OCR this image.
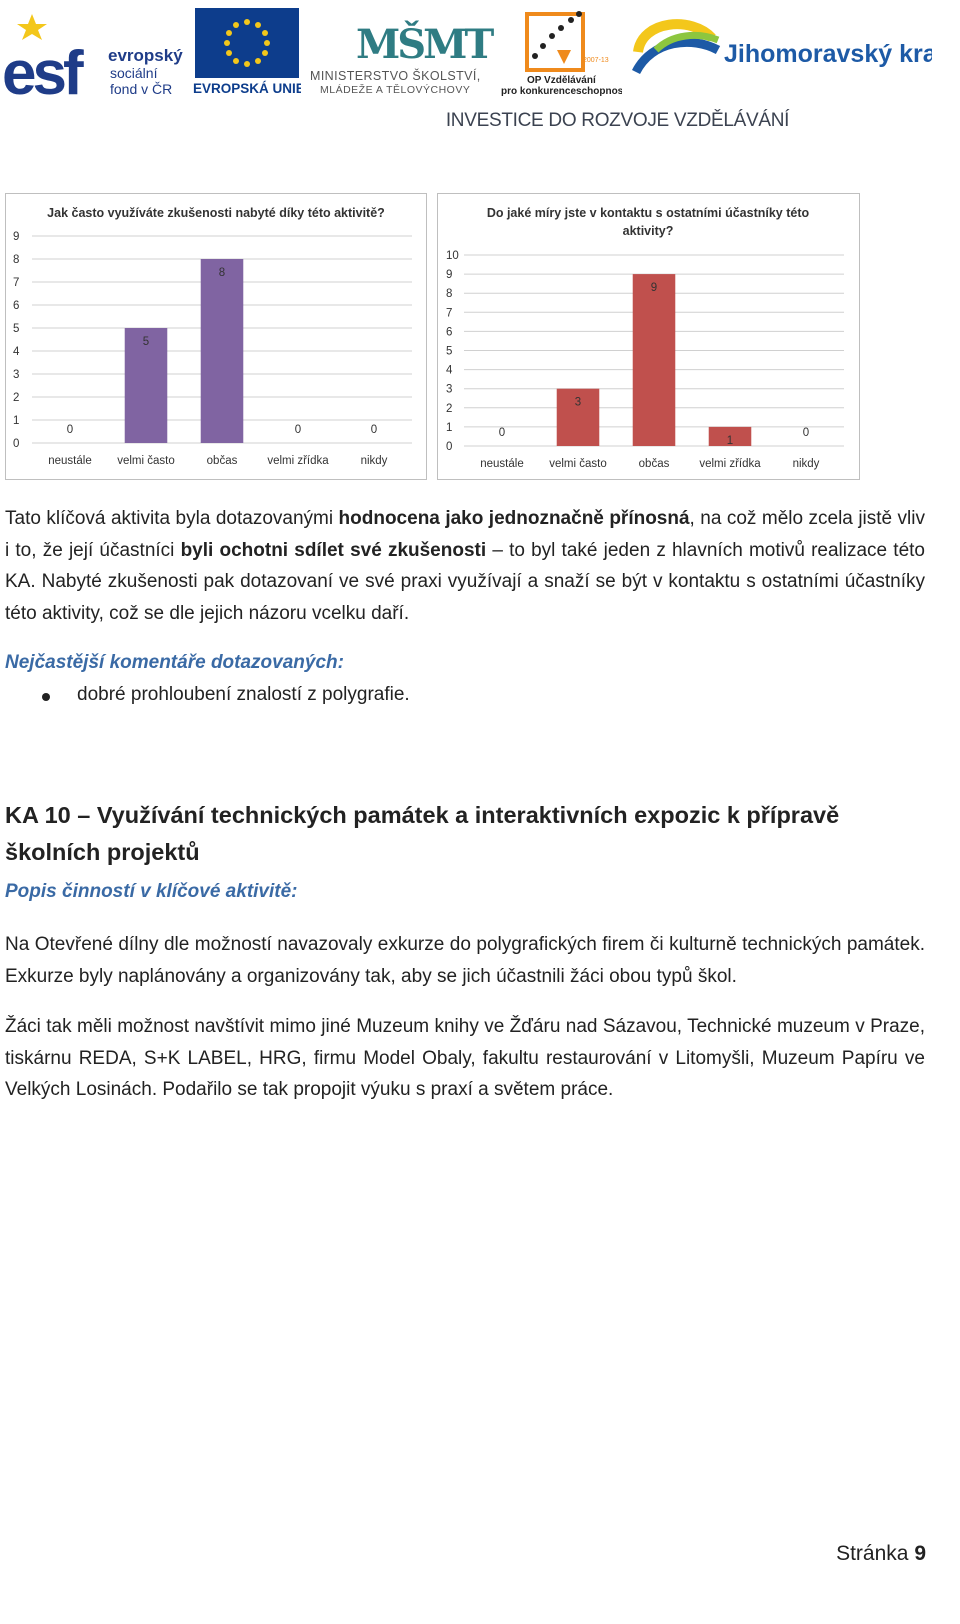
esf evropský
sociální
fond v ČR EVROPSKÁ UNIE
MŠMT
MINISTERSTVO ŠKOLSTVÍ,
MLÁDEŽE A TĚLOVÝCHOVY
2007-13
OP Vzdělávání
pro konkurenceschopnost
Jihomoravský kraj
INVESTICE DO ROZVOJE VZDĚLÁVÁNÍ
Jak často využíváte zkušenosti nabyté díky této aktivitě?
0
1
2
3
4
5
6
7
8
9
0
neustále
5
velmi často
8
občas
0
velmi zřídka
0
nikdy
Do jaké míry jste v kontaktu s ostatními účastníky této
aktivity?
0
1
2
3
4
5
6
7
8
9
10
0
neustále
3
velmi často
9
občas
1
velmi zřídka
0
nikdy

Tato klíčová aktivita byla dotazovanými hodnocena jako jednoznačně přínosná, na což mělo zcela jistě vliv i to, že její účastníci byli ochotni sdílet své zkušenosti – to byl také jeden z hlavních motivů realizace této KA. Nabyté zkušenosti pak dotazovaní ve své praxi využívají a snaží se být v kontaktu s ostatními účastníky této aktivity, což se dle jejich názoru vcelku daří.

Nejčastější komentáře dotazovaných:
dobré prohloubení znalostí z polygrafie.
KA 10 – Využívání technických památek a interaktivních expozic k přípravě školních projektů
Popis činností v klíčové aktivitě:

Na Otevřené dílny dle možností navazovaly exkurze do polygrafických firem či kulturně technických památek. Exkurze byly naplánovány a organizovány tak, aby se jich účastnili žáci obou typů škol.

Žáci tak měli možnost navštívit mimo jiné Muzeum knihy ve Žďáru nad Sázavou, Technické muzeum v Praze, tiskárnu REDA, S+K LABEL, HRG, firmu Model Obaly, fakultu restaurování v Litomyšli, Muzeum Papíru ve Velkých Losinách. Podařilo se tak propojit výuku s praxí a světem práce.

Stránka 9
